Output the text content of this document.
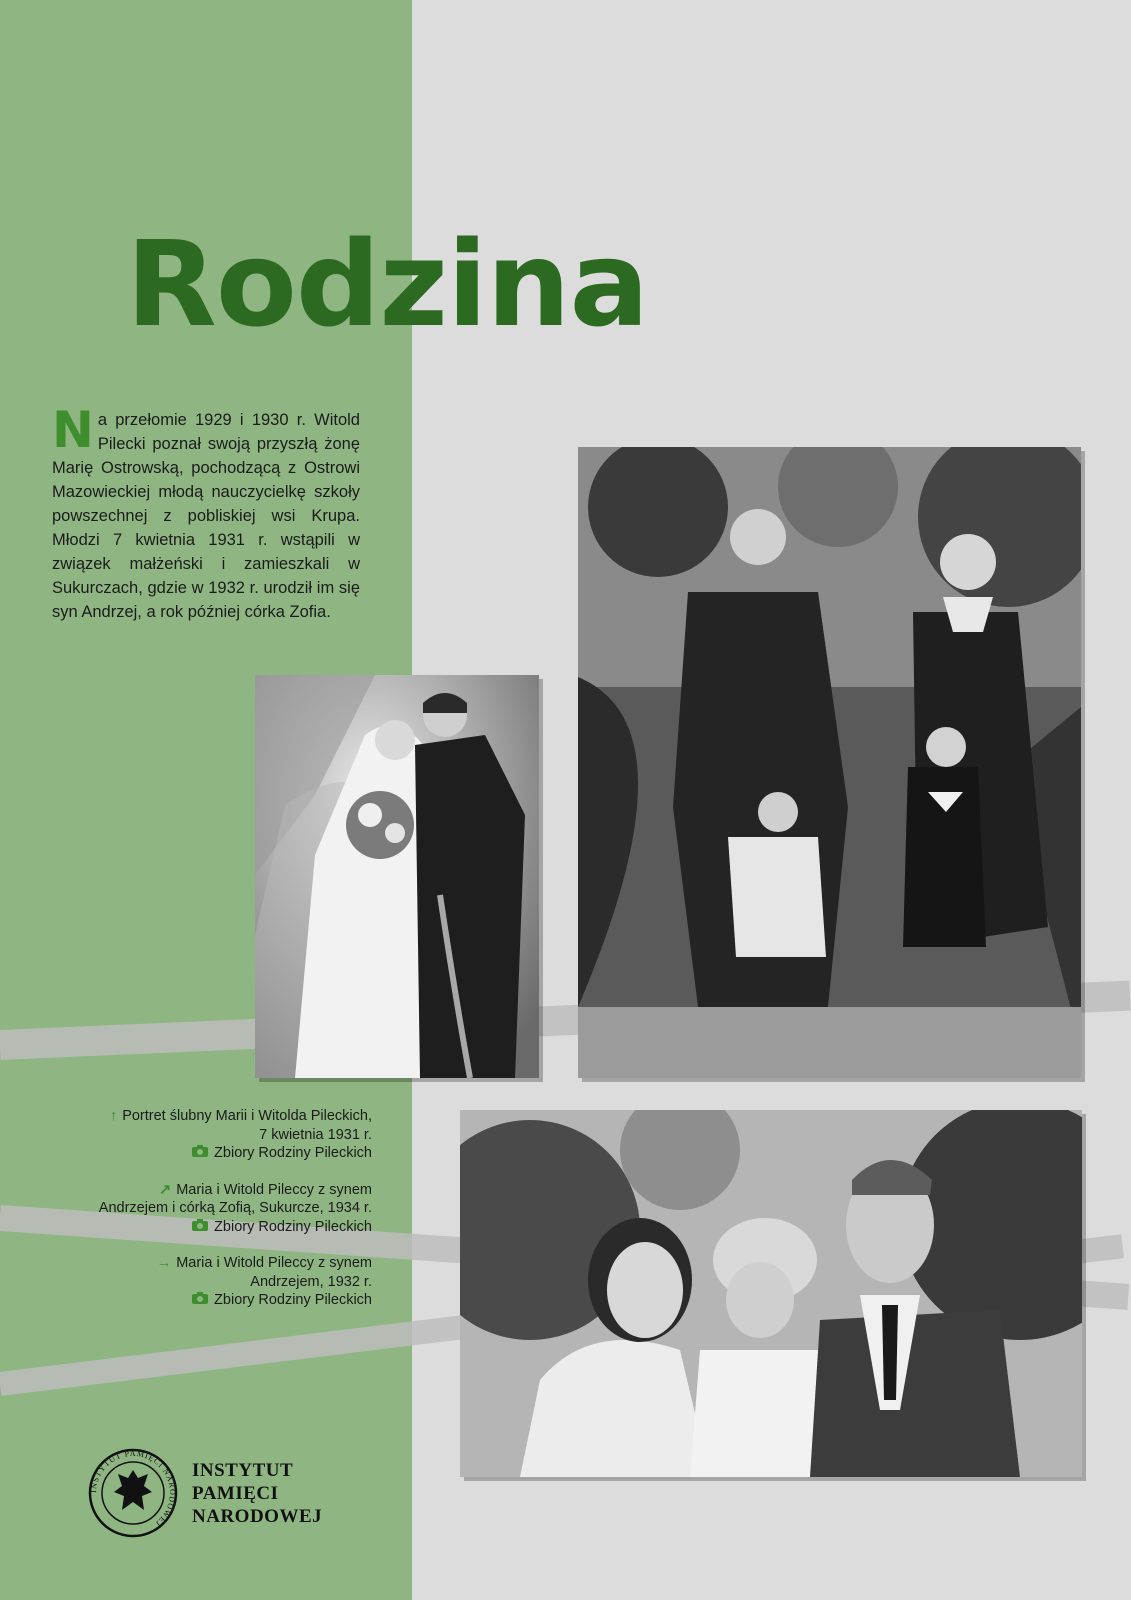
Rodzina

Na przełomie 1929 i 1930 r. Witold Pilecki poznał swoją przyszłą żonę Marię Ostrowską, pochodzącą z Ostrowi Mazowieckiej młodą nauczycielkę szkoły powszechnej z pobliskiej wsi Krupa. Młodzi 7 kwietnia 1931 r. wstąpili w związek małżeński i zamieszkali w Sukurczach, gdzie w 1932 r. urodził im się syn Andrzej, a rok później córka Zofia.

↑ Portret ślubny Marii i Witolda Pileckich,
7 kwietnia 1931 r.
Zbiory Rodziny Pileckich
↗ Maria i Witold Pileccy z synem
Andrzejem i córką Zofią, Sukurcze, 1934 r.
Zbiory Rodziny Pileckich
→ Maria i Witold Pileccy z synem
Andrzejem, 1932 r.
Zbiory Rodziny Pileckich
INSTYTUT PAMIĘCI NARODOWEJ
INSTYTUT
PAMIĘCI
NARODOWEJ
